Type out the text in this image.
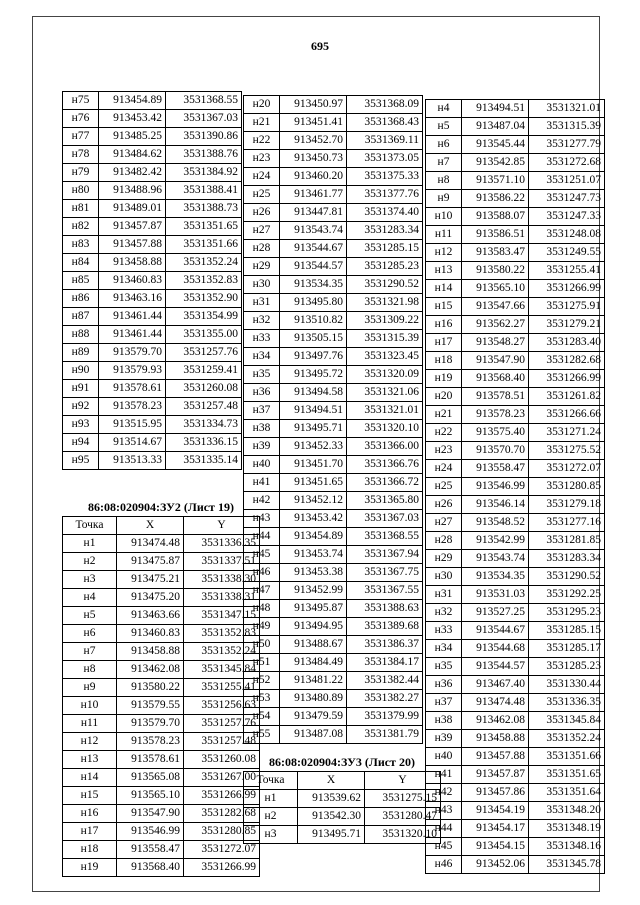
695
н75	913454.89	3531368.55
н76	913453.42	3531367.03
н77	913485.25	3531390.86
н78	913484.62	3531388.76
н79	913482.42	3531384.92
н80	913488.96	3531388.41
н81	913489.01	3531388.73
н82	913457.87	3531351.65
н83	913457.88	3531351.66
н84	913458.88	3531352.24
н85	913460.83	3531352.83
н86	913463.16	3531352.90
н87	913461.44	3531354.99
н88	913461.44	3531355.00
н89	913579.70	3531257.76
н90	913579.93	3531259.41
н91	913578.61	3531260.08
н92	913578.23	3531257.48
н93	913515.95	3531334.73
н94	913514.67	3531336.15
н95	913513.33	3531335.14
86:08:020904:ЗУ2 (Лист 19)
Точка	X	Y
н1	913474.48	3531336.35
н2	913475.87	3531337.51
н3	913475.21	3531338.30
н4	913475.20	3531338.31
н5	913463.66	3531347.15
н6	913460.83	3531352.83
н7	913458.88	3531352.24
н8	913462.08	3531345.84
н9	913580.22	3531255.41
н10	913579.55	3531256.63
н11	913579.70	3531257.76
н12	913578.23	3531257.48
н13	913578.61	3531260.08
н14	913565.08	3531267.00
н15	913565.10	3531266.99
н16	913547.90	3531282.68
н17	913546.99	3531280.85
н18	913558.47	3531272.07
н19	913568.40	3531266.99
н20	913450.97	3531368.09
н21	913451.41	3531368.43
н22	913452.70	3531369.11
н23	913450.73	3531373.05
н24	913460.20	3531375.33
н25	913461.77	3531377.76
н26	913447.81	3531374.40
н27	913543.74	3531283.34
н28	913544.67	3531285.15
н29	913544.57	3531285.23
н30	913534.35	3531290.52
н31	913495.80	3531321.98
н32	913510.82	3531309.22
н33	913505.15	3531315.39
н34	913497.76	3531323.45
н35	913495.72	3531320.09
н36	913494.58	3531321.06
н37	913494.51	3531321.01
н38	913495.71	3531320.10
н39	913452.33	3531366.00
н40	913451.70	3531366.76
н41	913451.65	3531366.72
н42	913452.12	3531365.80
н43	913453.42	3531367.03
н44	913454.89	3531368.55
н45	913453.74	3531367.94
н46	913453.38	3531367.75
н47	913452.99	3531367.55
н48	913495.87	3531388.63
н49	913494.95	3531389.68
н50	913488.67	3531386.37
н51	913484.49	3531384.17
н52	913481.22	3531382.44
н53	913480.89	3531382.27
н54	913479.59	3531379.99
н55	913487.08	3531381.79
86:08:020904:ЗУ3 (Лист 20)
Точка	X	Y
н1	913539.62	3531275.15
н2	913542.30	3531280.47
н3	913495.71	3531320.10
н4	913494.51	3531321.01
н5	913487.04	3531315.39
н6	913545.44	3531277.79
н7	913542.85	3531272.68
н8	913571.10	3531251.07
н9	913586.22	3531247.73
н10	913588.07	3531247.33
н11	913586.51	3531248.08
н12	913583.47	3531249.55
н13	913580.22	3531255.41
н14	913565.10	3531266.99
н15	913547.66	3531275.91
н16	913562.27	3531279.21
н17	913548.27	3531283.40
н18	913547.90	3531282.68
н19	913568.40	3531266.99
н20	913578.51	3531261.82
н21	913578.23	3531266.66
н22	913575.40	3531271.24
н23	913570.70	3531275.52
н24	913558.47	3531272.07
н25	913546.99	3531280.85
н26	913546.14	3531279.18
н27	913548.52	3531277.16
н28	913542.99	3531281.85
н29	913543.74	3531283.34
н30	913534.35	3531290.52
н31	913531.03	3531292.25
н32	913527.25	3531295.23
н33	913544.67	3531285.15
н34	913544.68	3531285.17
н35	913544.57	3531285.23
н36	913467.40	3531330.44
н37	913474.48	3531336.35
н38	913462.08	3531345.84
н39	913458.88	3531352.24
н40	913457.88	3531351.66
н41	913457.87	3531351.65
н42	913457.86	3531351.64
н43	913454.19	3531348.20
н44	913454.17	3531348.19
н45	913454.15	3531348.16
н46	913452.06	3531345.78
